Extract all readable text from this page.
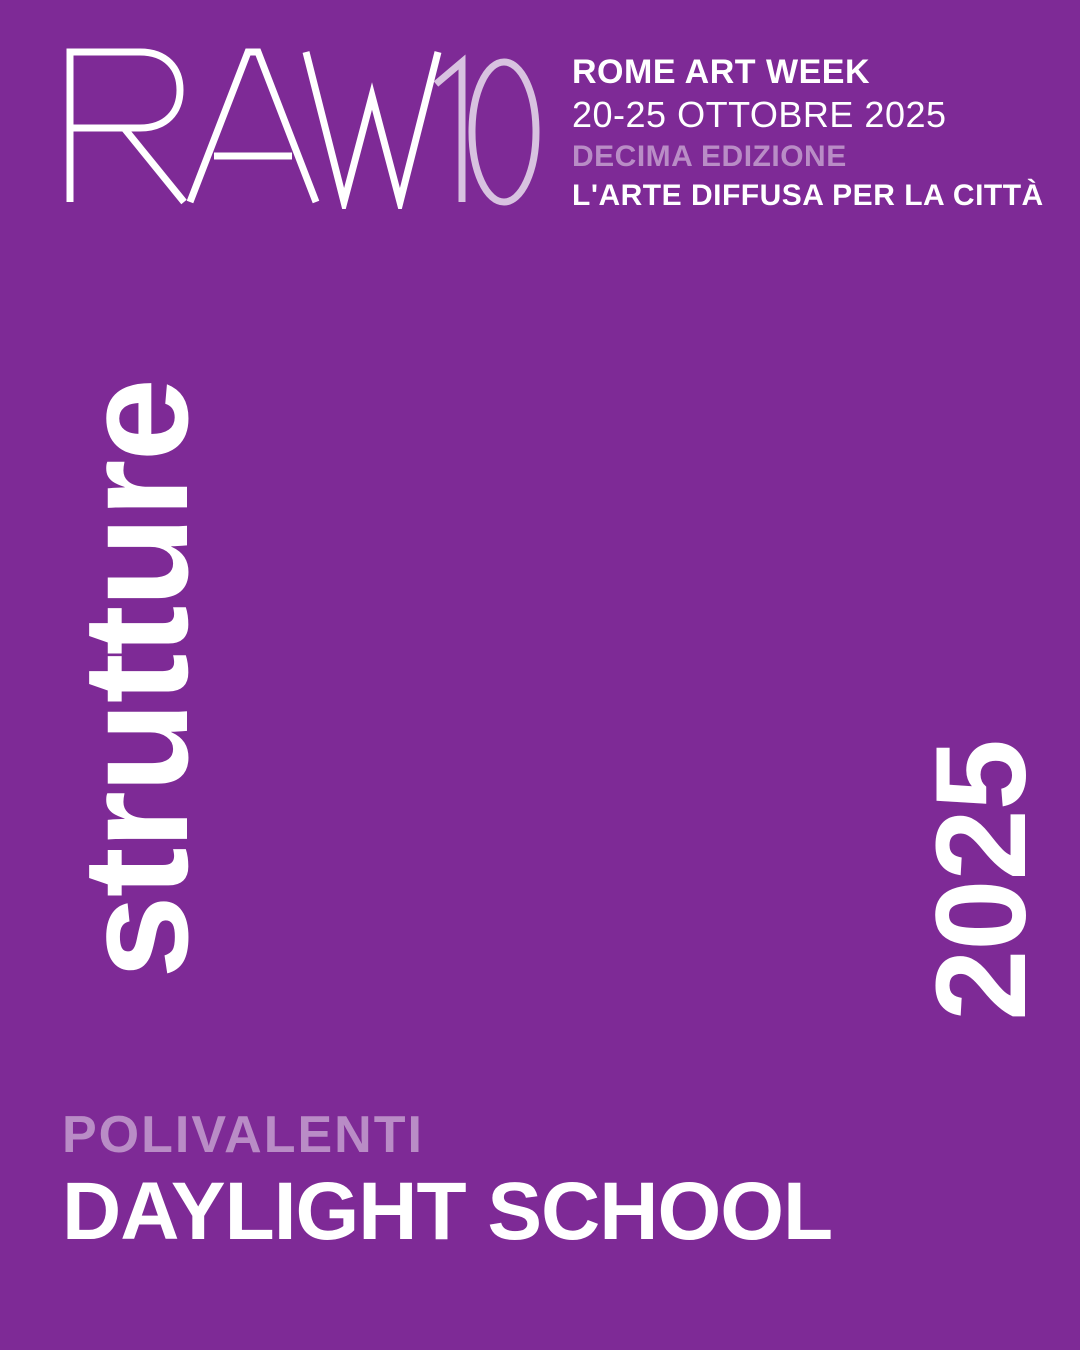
ROME ART WEEK
20-25 OTTOBRE 2025
DECIMA EDIZIONE
L'ARTE DIFFUSA PER LA CITTÀ
strutture	2025
POLIVALENTI
DAYLIGHT SCHOOL
